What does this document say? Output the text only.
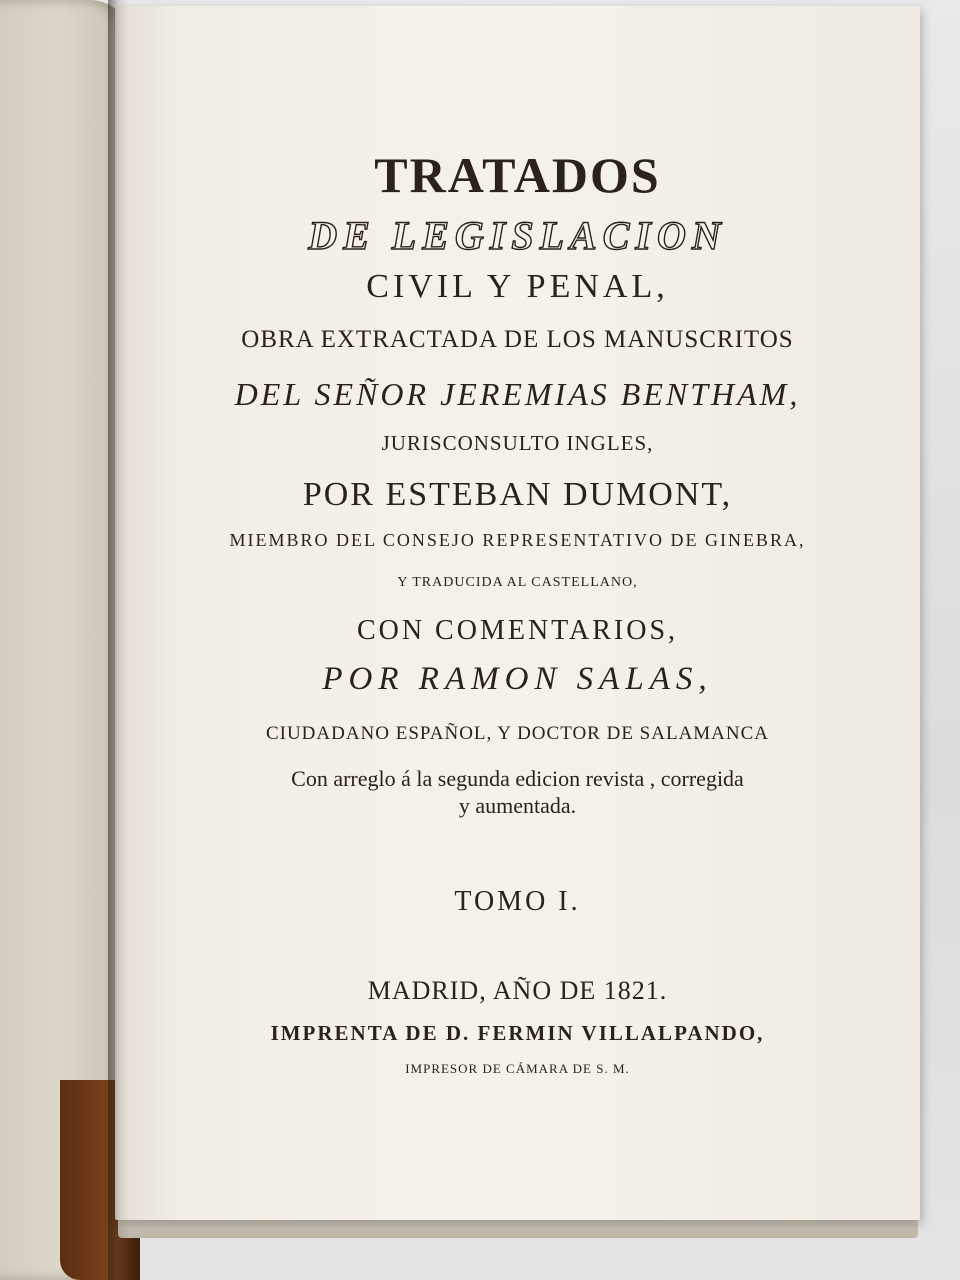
TRATADOS
DE LEGISLACION
CIVIL Y PENAL,
OBRA EXTRACTADA DE LOS MANUSCRITOS
DEL SEÑOR JEREMIAS BENTHAM,
JURISCONSULTO INGLES,
POR ESTEBAN DUMONT,
MIEMBRO DEL CONSEJO REPRESENTATIVO DE GINEBRA,
Y TRADUCIDA AL CASTELLANO,
CON COMENTARIOS,
POR RAMON SALAS,
CIUDADANO ESPAÑOL, Y DOCTOR DE SALAMANCA
Con arreglo á la segunda edicion revista , corregida
y aumentada.
TOMO I.
MADRID, AÑO DE 1821.
IMPRENTA DE D. FERMIN VILLALPANDO,
IMPRESOR DE CÁMARA DE S. M.
